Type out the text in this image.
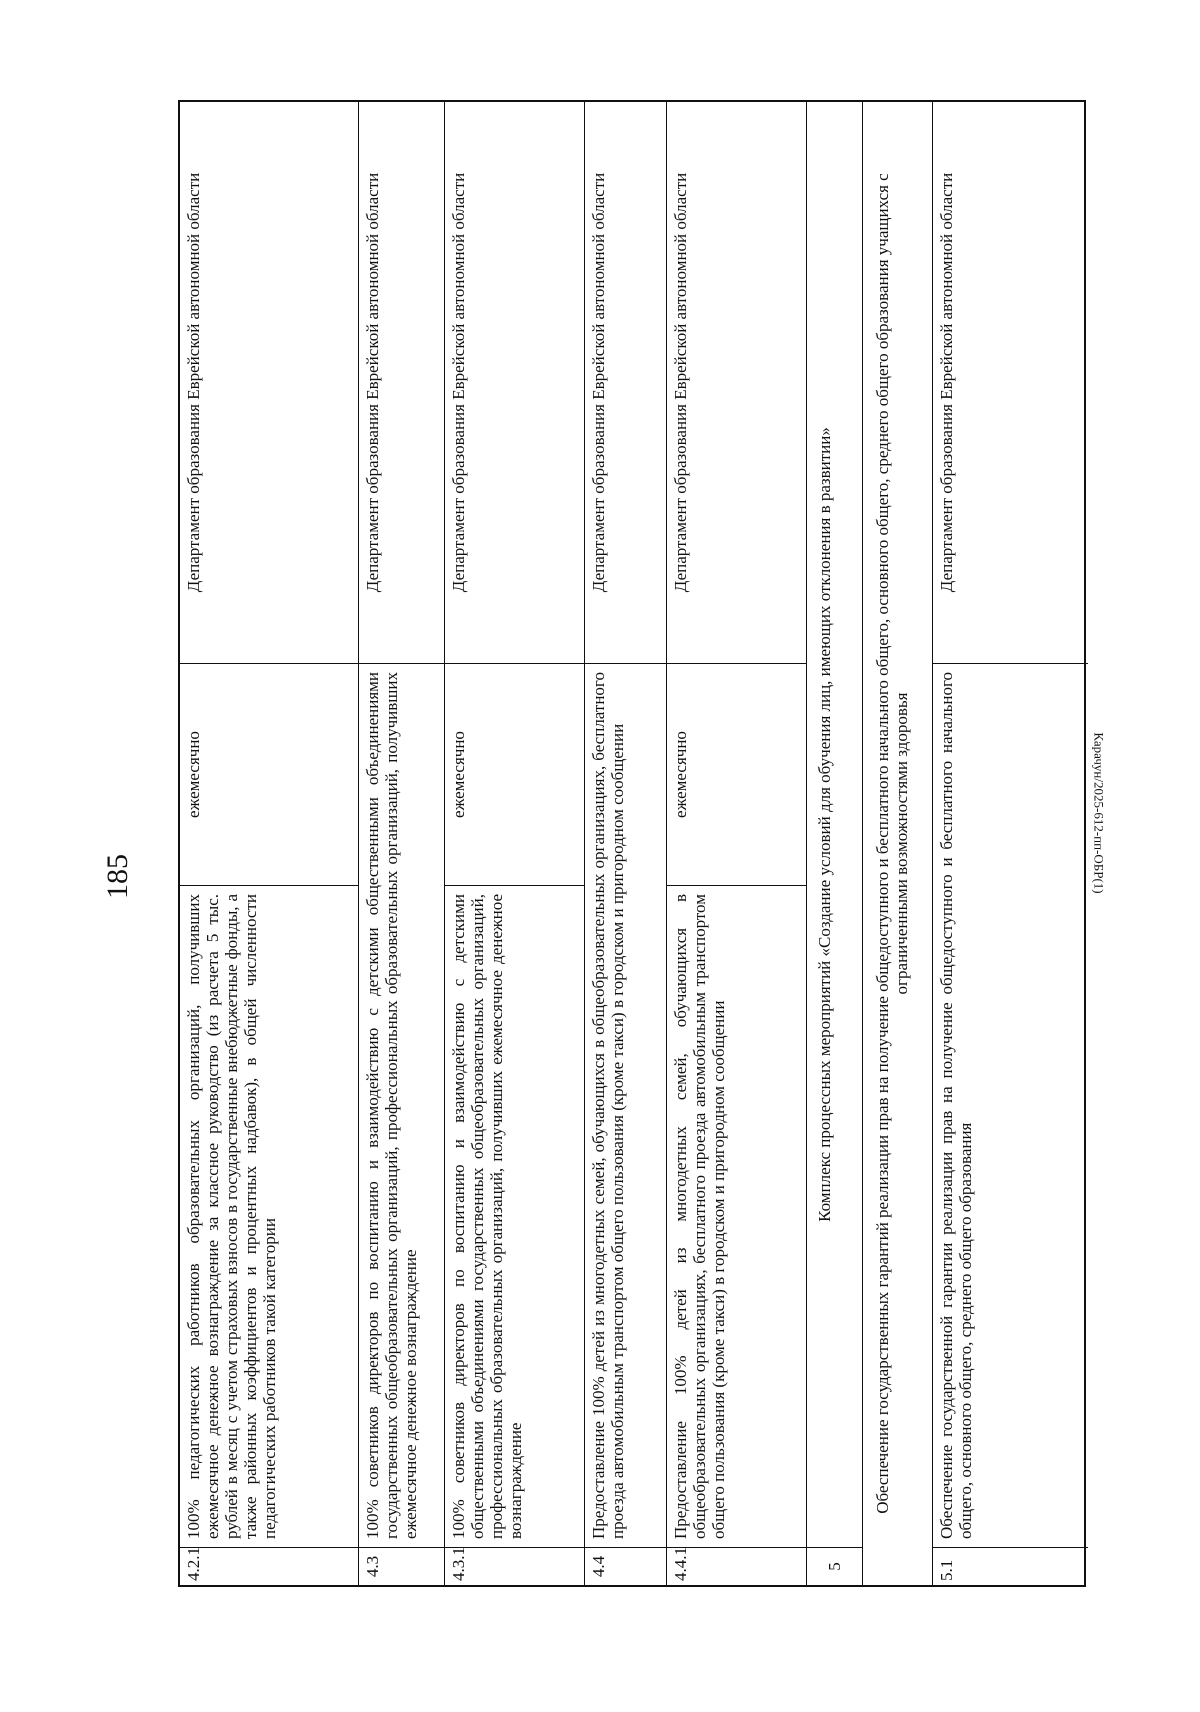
185
4.2.1
100% педагогических работников образовательных организаций, получивших ежемесячное денежное вознаграждение за классное руководство (из расчета 5 тыс. рублей в месяц с учетом страховых взносов в государственные внебюджетные фонды, а также районных коэффициентов и процентных надбавок), в общей численности педагогических работников такой категории
ежемесячно
Департамент образования Еврейской автономной области
4.3
100% советников директоров по воспитанию и взаимодействию с детскими общественными объединениями государственных общеобразовательных организаций, профессиональных образовательных организаций, получивших ежемесячное денежное вознаграждение
Департамент образования Еврейской автономной области
4.3.1
100% советников директоров по воспитанию и взаимодействию с детскими общественными объединениями государственных общеобразовательных организаций, профессиональных образовательных организаций, получивших ежемесячное денежное вознаграждение
ежемесячно
Департамент образования Еврейской автономной области
4.4
Предоставление 100% детей из многодетных семей, обучающихся в общеобразовательных организациях, бесплатного проезда автомобильным транспортом общего пользования (кроме такси) в городском и пригородном сообщении
Департамент образования Еврейской автономной области
4.4.1
Предоставление 100% детей из многодетных семей, обучающихся в общеобразовательных организациях, бесплатного проезда автомобильным транспортом общего пользования (кроме такси) в городском и пригородном сообщении
ежемесячно
Департамент образования Еврейской автономной области
5
Комплекс процессных мероприятий «Создание условий для обучения лиц, имеющих отклонения в развитии»	Обеспечение государственных гарантий реализации прав на получение общедоступного и бесплатного начального общего, основного общего, среднего общего образования учащихся с ограниченными возможностями здоровья
5.1
Обеспечение государственной гарантии реализации прав на получение общедоступного и бесплатного начального общего, основного общего, среднего общего образования
Департамент образования Еврейской автономной области
Карачун/2025-612-пп-ОБР(1)
